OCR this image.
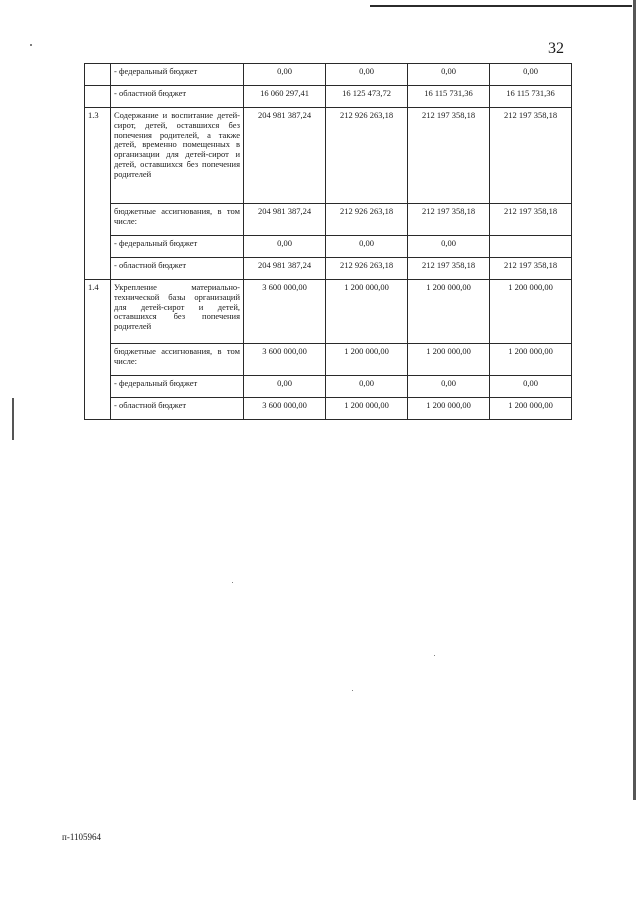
32
	- федеральный бюджет	0,00	0,00	0,00	0,00
	- областной бюджет	16 060 297,41	16 125 473,72	16 115 731,36	16 115 731,36
1.3	Содержание и воспитание детей-сирот, детей, оставшихся без попечения родителей, а также детей, временно помещенных в организации для детей-сирот и детей, оставшихся без попечения родителей	204 981 387,24	212 926 263,18	212 197 358,18	212 197 358,18
	бюджетные ассигнования, в том числе:	204 981 387,24	212 926 263,18	212 197 358,18	212 197 358,18
	- федеральный бюджет	0,00	0,00	0,00	
	- областной бюджет	204 981 387,24	212 926 263,18	212 197 358,18	212 197 358,18
1.4	Укрепление материально-технической базы организаций для детей-сирот и детей, оставшихся без попечения родителей	3 600 000,00	1 200 000,00	1 200 000,00	1 200 000,00
	бюджетные ассигнования, в том числе:	3 600 000,00	1 200 000,00	1 200 000,00	1 200 000,00
	- федеральный бюджет	0,00	0,00	0,00	0,00
	- областной бюджет	3 600 000,00	1 200 000,00	1 200 000,00	1 200 000,00
п-1105964
